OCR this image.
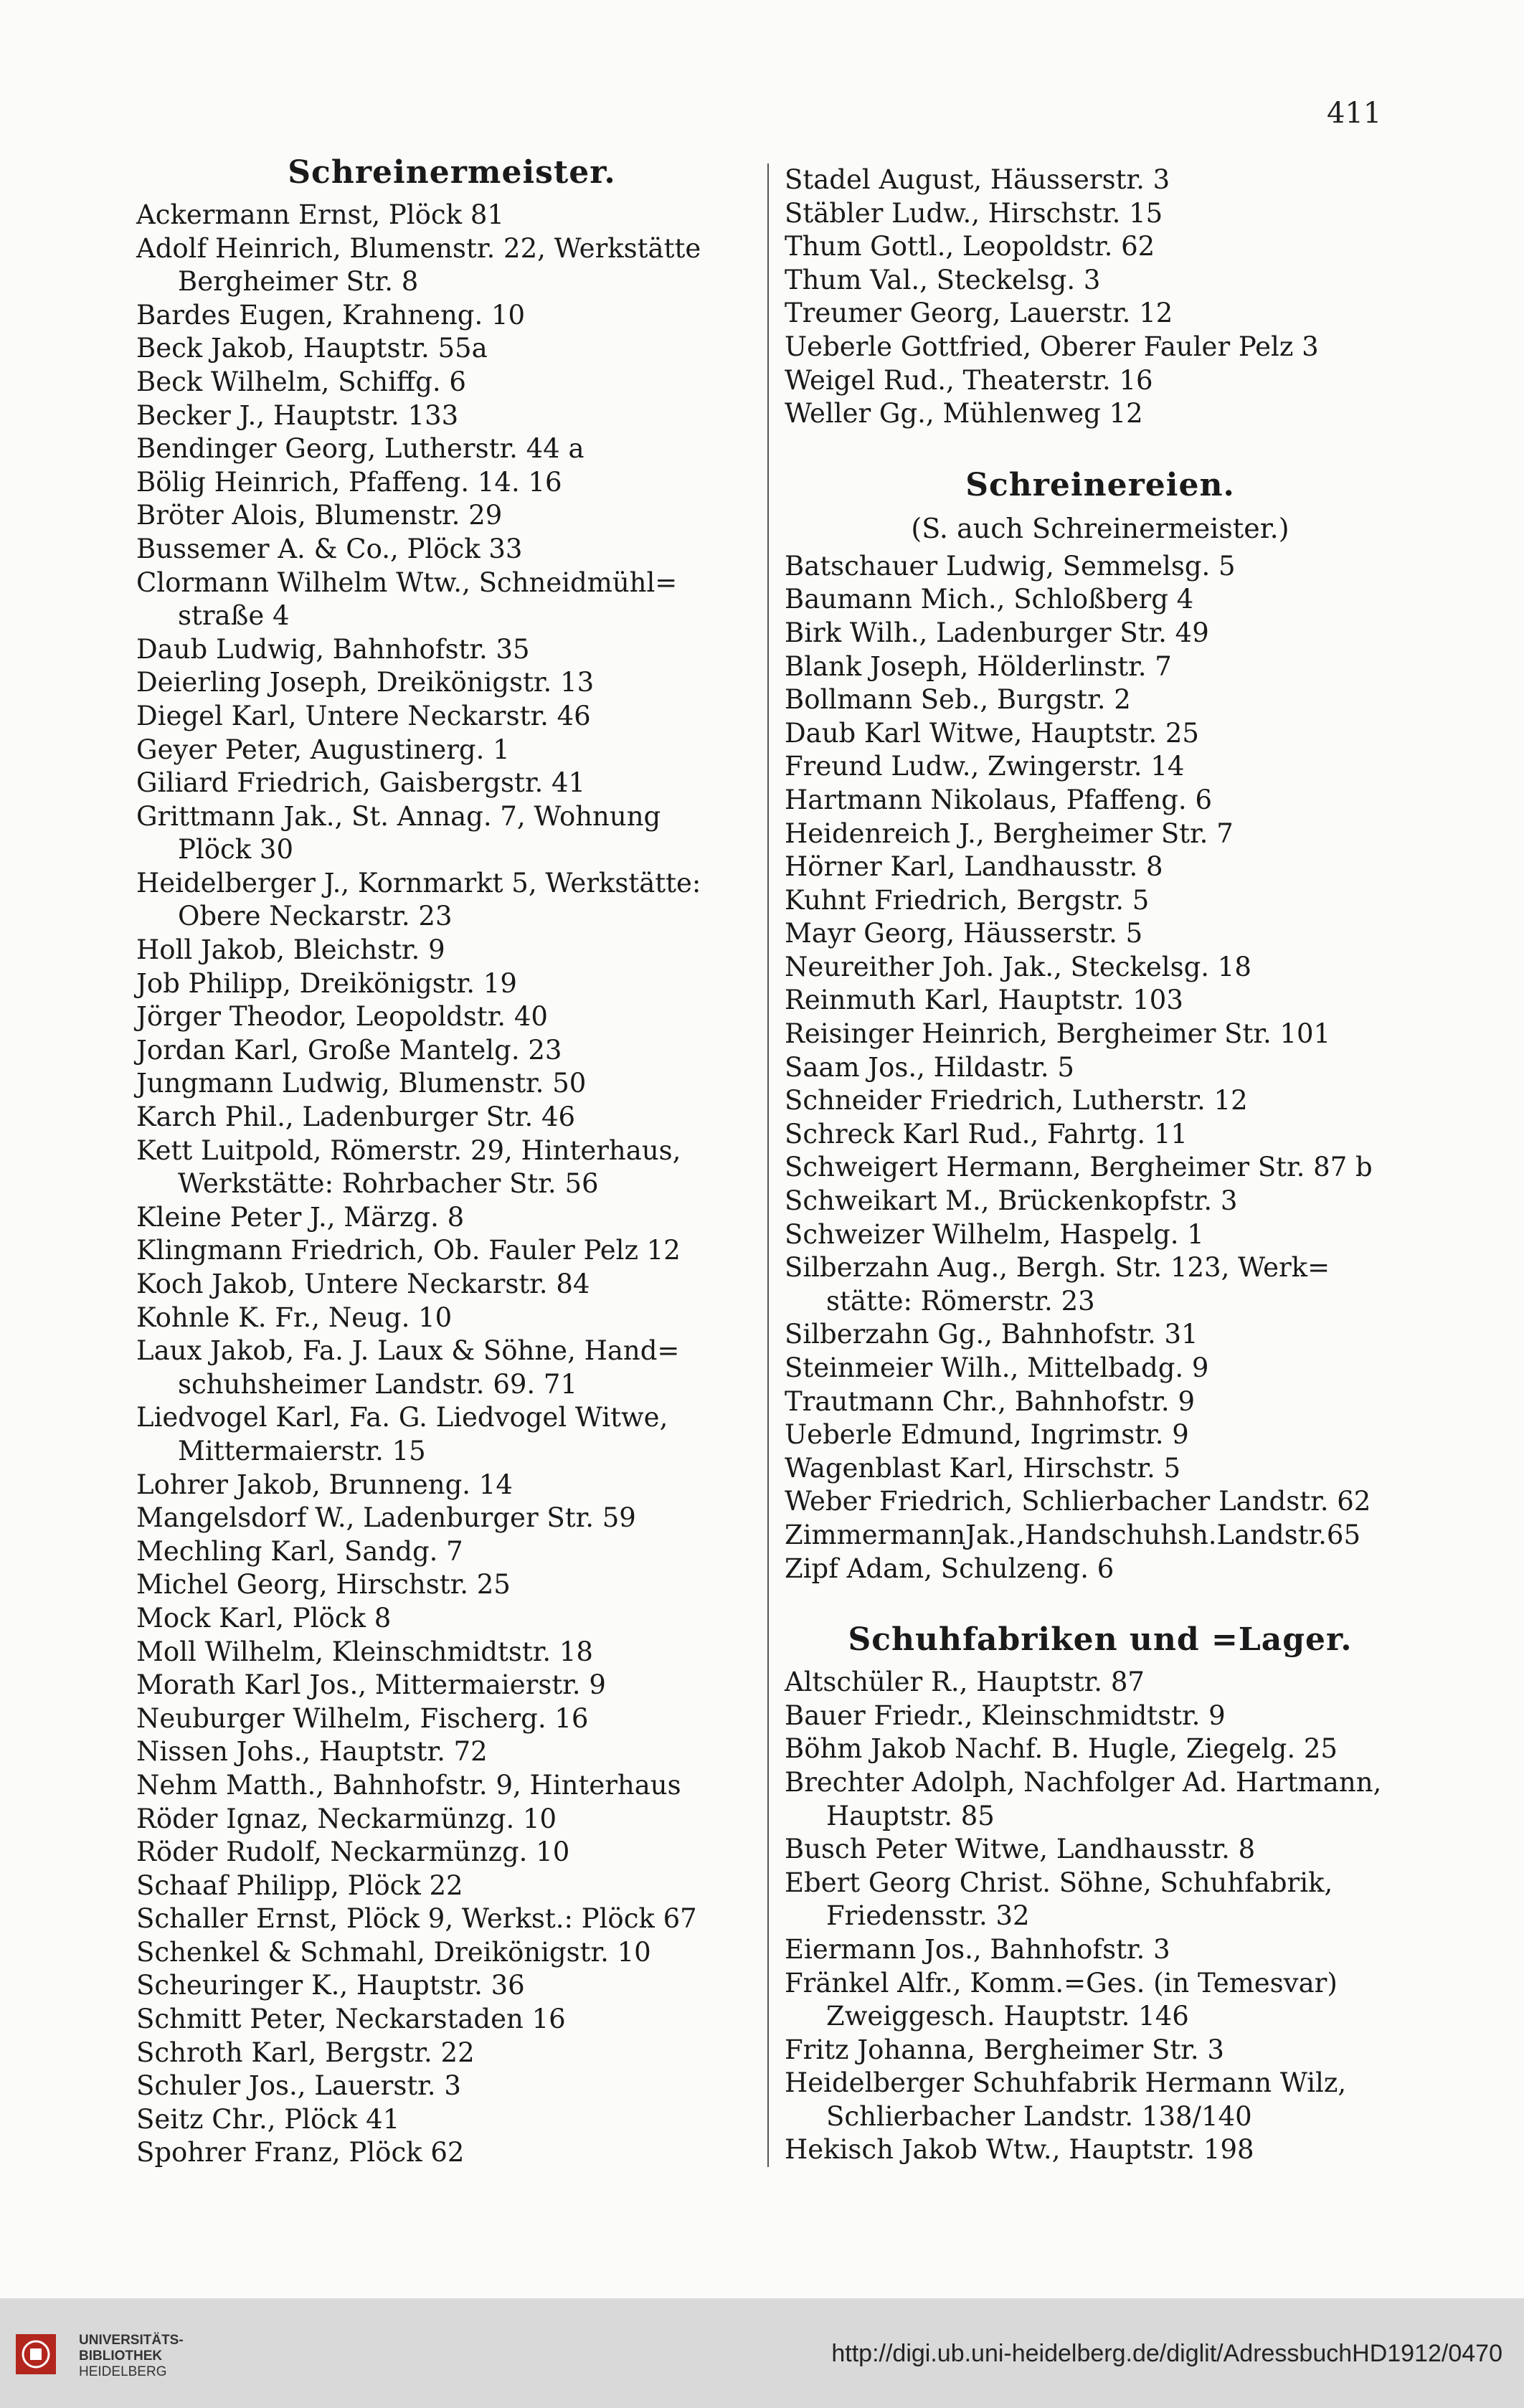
411
Schreinermeister.
Ackermann Ernst, Plöck 81
Adolf Heinrich, Blumenstr. 22, Werkstätte
Bergheimer Str. 8
Bardes Eugen, Krahneng. 10
Beck Jakob, Hauptstr. 55a
Beck Wilhelm, Schiffg. 6
Becker J., Hauptstr. 133
Bendinger Georg, Lutherstr. 44 a
Bölig Heinrich, Pfaffeng. 14. 16
Bröter Alois, Blumenstr. 29
Bussemer A. & Co., Plöck 33
Clormann Wilhelm Wtw., Schneidmühl=
straße 4
Daub Ludwig, Bahnhofstr. 35
Deierling Joseph, Dreikönigstr. 13
Diegel Karl, Untere Neckarstr. 46
Geyer Peter, Augustinerg. 1
Giliard Friedrich, Gaisbergstr. 41
Grittmann Jak., St. Annag. 7, Wohnung
Plöck 30
Heidelberger J., Kornmarkt 5, Werkstätte:
Obere Neckarstr. 23
Holl Jakob, Bleichstr. 9
Job Philipp, Dreikönigstr. 19
Jörger Theodor, Leopoldstr. 40
Jordan Karl, Große Mantelg. 23
Jungmann Ludwig, Blumenstr. 50
Karch Phil., Ladenburger Str. 46
Kett Luitpold, Römerstr. 29, Hinterhaus,
Werkstätte: Rohrbacher Str. 56
Kleine Peter J., Märzg. 8
Klingmann Friedrich, Ob. Fauler Pelz 12
Koch Jakob, Untere Neckarstr. 84
Kohnle K. Fr., Neug. 10
Laux Jakob, Fa. J. Laux & Söhne, Hand=
schuhsheimer Landstr. 69. 71
Liedvogel Karl, Fa. G. Liedvogel Witwe,
Mittermaierstr. 15
Lohrer Jakob, Brunneng. 14
Mangelsdorf W., Ladenburger Str. 59
Mechling Karl, Sandg. 7
Michel Georg, Hirschstr. 25
Mock Karl, Plöck 8
Moll Wilhelm, Kleinschmidtstr. 18
Morath Karl Jos., Mittermaierstr. 9
Neuburger Wilhelm, Fischerg. 16
Nissen Johs., Hauptstr. 72
Nehm Matth., Bahnhofstr. 9, Hinterhaus
Röder Ignaz, Neckarmünzg. 10
Röder Rudolf, Neckarmünzg. 10
Schaaf Philipp, Plöck 22
Schaller Ernst, Plöck 9, Werkst.: Plöck 67
Schenkel & Schmahl, Dreikönigstr. 10
Scheuringer K., Hauptstr. 36
Schmitt Peter, Neckarstaden 16
Schroth Karl, Bergstr. 22
Schuler Jos., Lauerstr. 3
Seitz Chr., Plöck 41
Spohrer Franz, Plöck 62
Stadel August, Häusserstr. 3
Stäbler Ludw., Hirschstr. 15
Thum Gottl., Leopoldstr. 62
Thum Val., Steckelsg. 3
Treumer Georg, Lauerstr. 12
Ueberle Gottfried, Oberer Fauler Pelz 3
Weigel Rud., Theaterstr. 16
Weller Gg., Mühlenweg 12
Schreinereien.
(S. auch Schreinermeister.)
Batschauer Ludwig, Semmelsg. 5
Baumann Mich., Schloßberg 4
Birk Wilh., Ladenburger Str. 49
Blank Joseph, Hölderlinstr. 7
Bollmann Seb., Burgstr. 2
Daub Karl Witwe, Hauptstr. 25
Freund Ludw., Zwingerstr. 14
Hartmann Nikolaus, Pfaffeng. 6
Heidenreich J., Bergheimer Str. 7
Hörner Karl, Landhausstr. 8
Kuhnt Friedrich, Bergstr. 5
Mayr Georg, Häusserstr. 5
Neureither Joh. Jak., Steckelsg. 18
Reinmuth Karl, Hauptstr. 103
Reisinger Heinrich, Bergheimer Str. 101
Saam Jos., Hildastr. 5
Schneider Friedrich, Lutherstr. 12
Schreck Karl Rud., Fahrtg. 11
Schweigert Hermann, Bergheimer Str. 87 b
Schweikart M., Brückenkopfstr. 3
Schweizer Wilhelm, Haspelg. 1
Silberzahn Aug., Bergh. Str. 123, Werk=
stätte: Römerstr. 23
Silberzahn Gg., Bahnhofstr. 31
Steinmeier Wilh., Mittelbadg. 9
Trautmann Chr., Bahnhofstr. 9
Ueberle Edmund, Ingrimstr. 9
Wagenblast Karl, Hirschstr. 5
Weber Friedrich, Schlierbacher Landstr. 62
ZimmermannJak.,Handschuhsh.Landstr.65
Zipf Adam, Schulzeng. 6
Schuhfabriken und =Lager.
Altschüler R., Hauptstr. 87
Bauer Friedr., Kleinschmidtstr. 9
Böhm Jakob Nachf. B. Hugle, Ziegelg. 25
Brechter Adolph, Nachfolger Ad. Hartmann,
Hauptstr. 85
Busch Peter Witwe, Landhausstr. 8
Ebert Georg Christ. Söhne, Schuhfabrik,
Friedensstr. 32
Eiermann Jos., Bahnhofstr. 3
Fränkel Alfr., Komm.=Ges. (in Temesvar)
Zweiggesch. Hauptstr. 146
Fritz Johanna, Bergheimer Str. 3
Heidelberger Schuhfabrik Hermann Wilz,
Schlierbacher Landstr. 138/140
Hekisch Jakob Wtw., Hauptstr. 198
UNIVERSITÄTS-
BIBLIOTHEK
HEIDELBERG
http://digi.ub.uni-heidelberg.de/diglit/AdressbuchHD1912/0470
